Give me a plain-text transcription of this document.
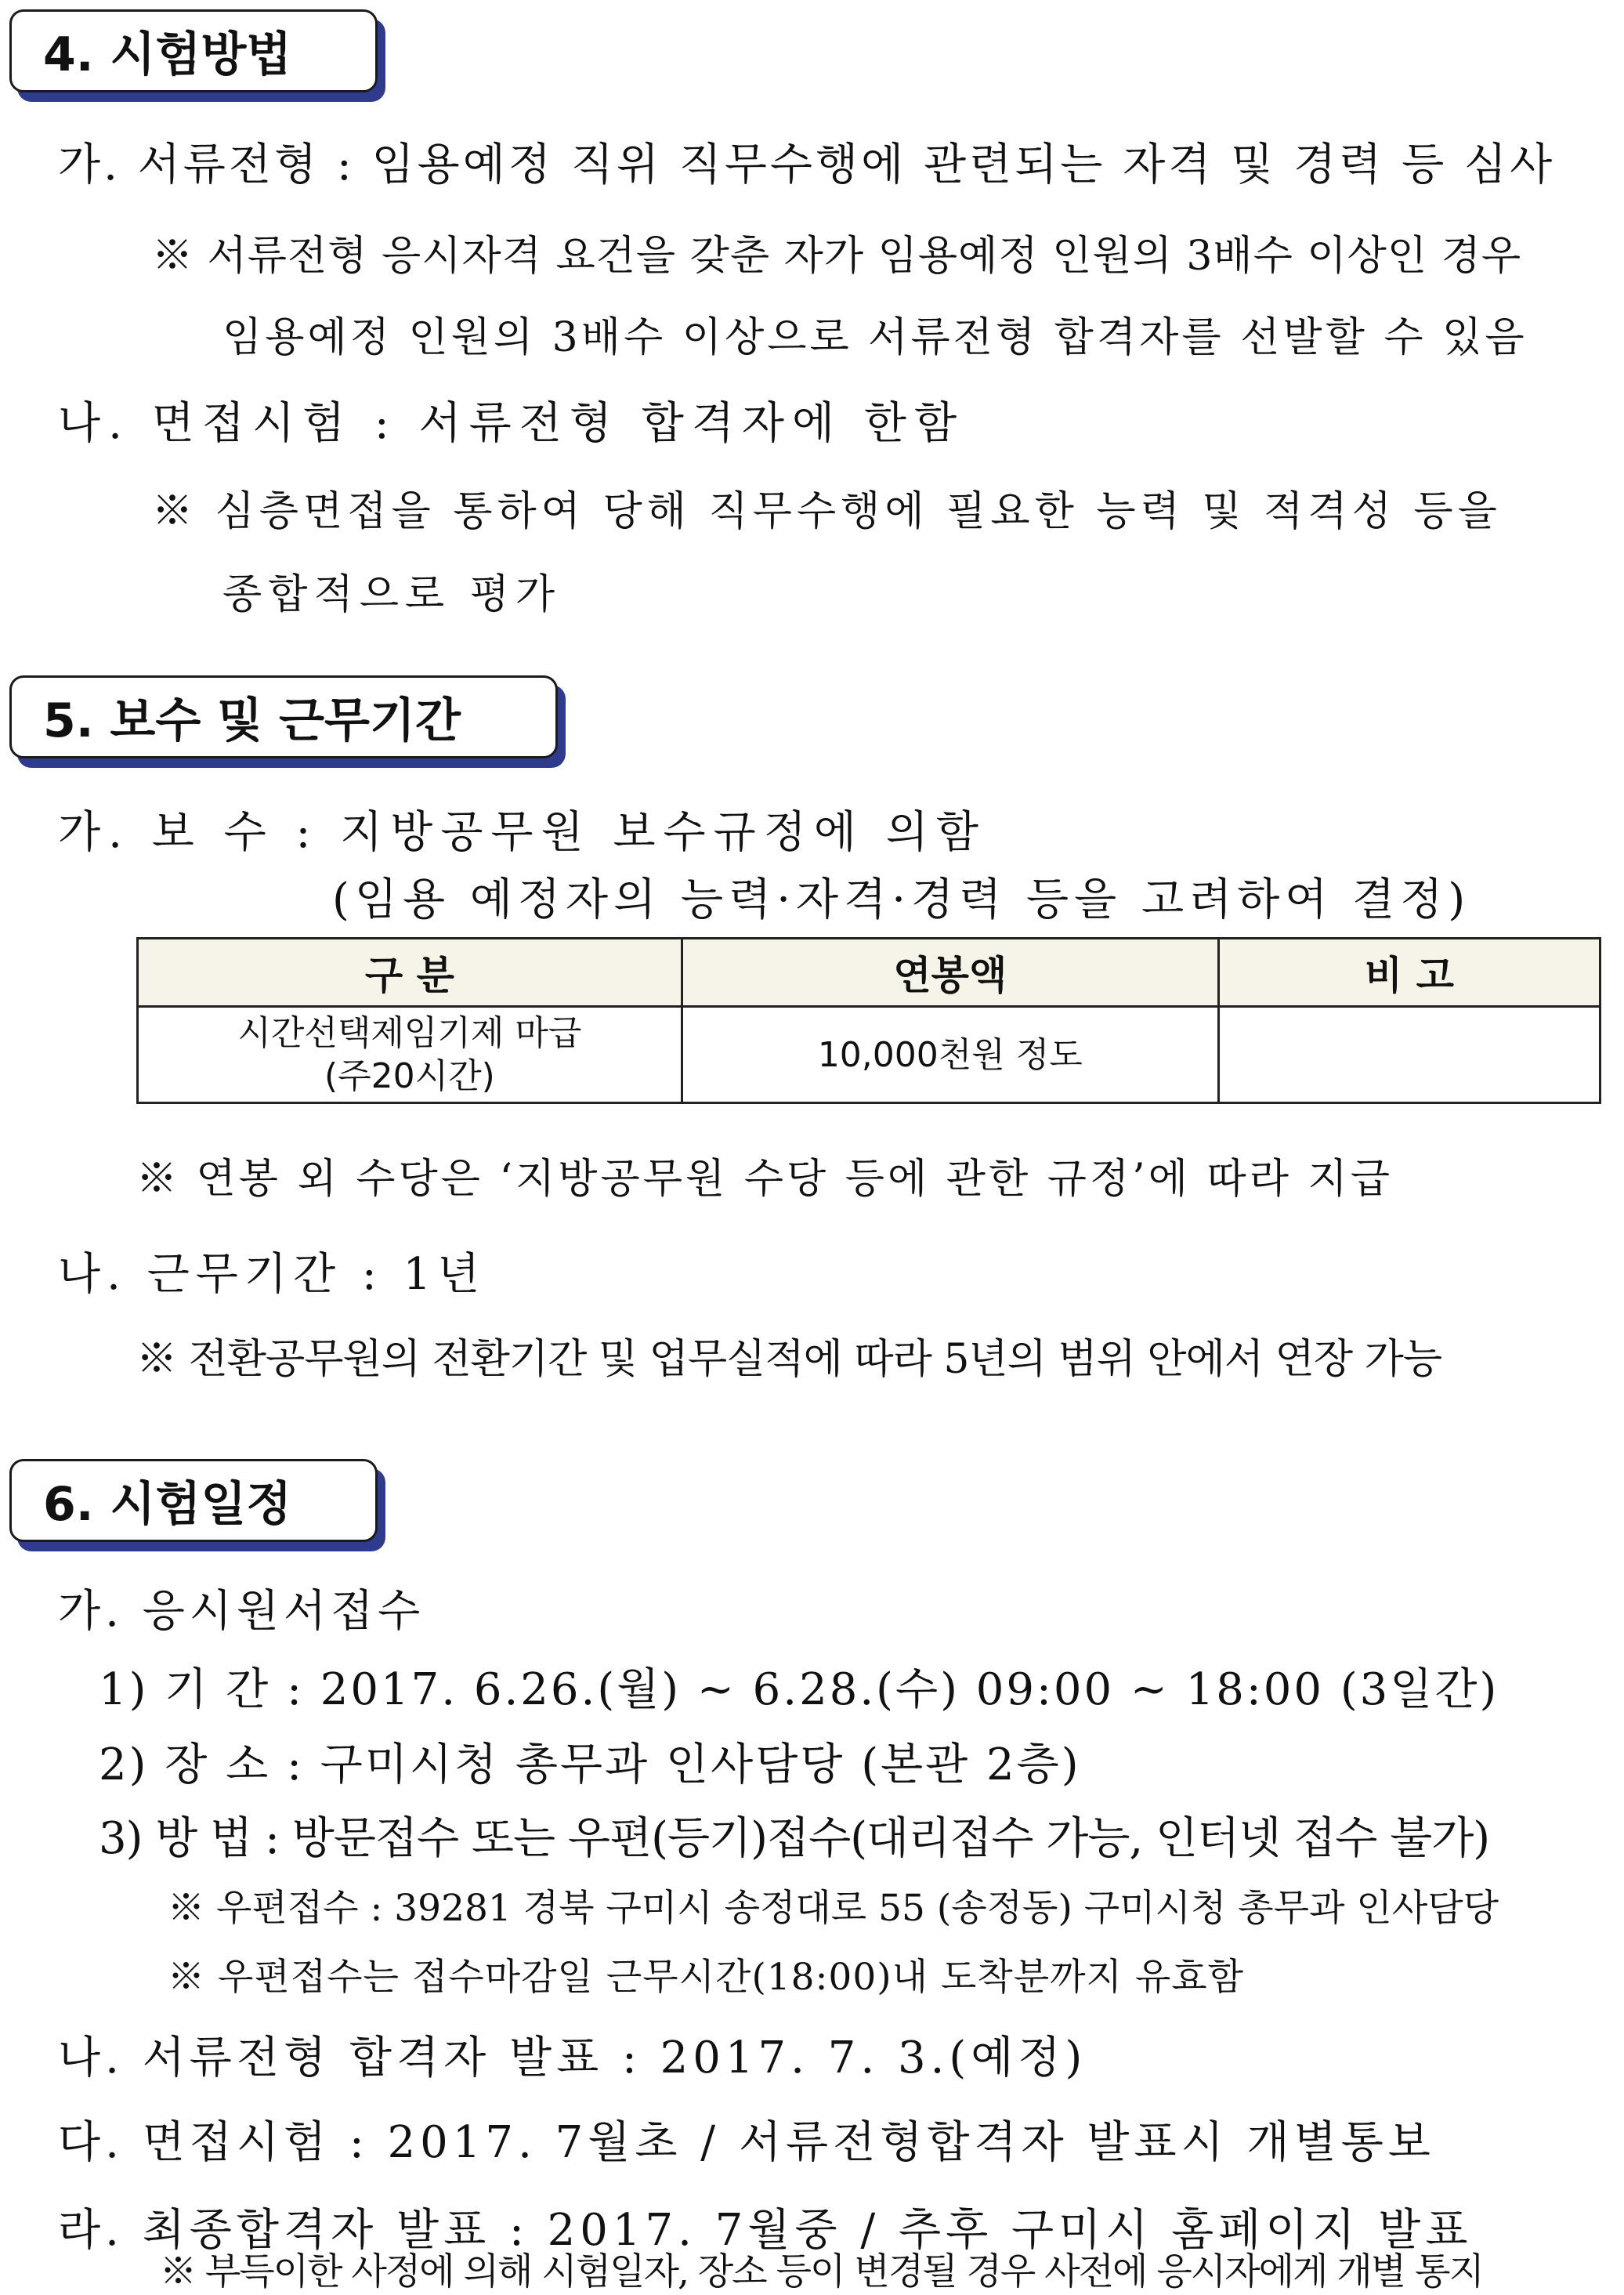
4. 시험방법
가. 서류전형 : 임용예정 직위 직무수행에 관련되는 자격 및 경력 등 심사
※ 서류전형 응시자격 요건을 갖춘 자가 임용예정 인원의 3배수 이상인 경우
임용예정 인원의 3배수 이상으로 서류전형 합격자를 선발할 수 있음
나. 면접시험 : 서류전형 합격자에 한함
※ 심층면접을 통하여 당해 직무수행에 필요한 능력 및 적격성 등을
종합적으로 평가
5. 보수 및 근무기간
가. 보 수 : 지방공무원 보수규정에 의함
(임용 예정자의 능력·자격·경력 등을 고려하여 결정)
구 분	연봉액	비 고

시간선택제임기제 마급
(주20시간)	10,000천원 정도	
※ 연봉 외 수당은 ‘지방공무원 수당 등에 관한 규정’에 따라 지급
나. 근무기간 : 1년
※ 전환공무원의 전환기간 및 업무실적에 따라 5년의 범위 안에서 연장 가능
6. 시험일정
가. 응시원서접수
1) 기 간 : 2017. 6.26.(월) ~ 6.28.(수) 09:00 ~ 18:00 (3일간)
2) 장 소 : 구미시청 총무과 인사담당 (본관 2층)
3) 방 법 : 방문접수 또는 우편(등기)접수(대리접수 가능, 인터넷 접수 불가)
※ 우편접수 : 39281 경북 구미시 송정대로 55 (송정동) 구미시청 총무과 인사담당
※ 우편접수는 접수마감일 근무시간(18:00)내 도착분까지 유효함
나. 서류전형 합격자 발표 : 2017. 7. 3.(예정)
다. 면접시험 : 2017. 7월초 / 서류전형합격자 발표시 개별통보
라. 최종합격자 발표 : 2017. 7월중 / 추후 구미시 홈페이지 발표
※ 부득이한 사정에 의해 시험일자, 장소 등이 변경될 경우 사전에 응시자에게 개별 통지
